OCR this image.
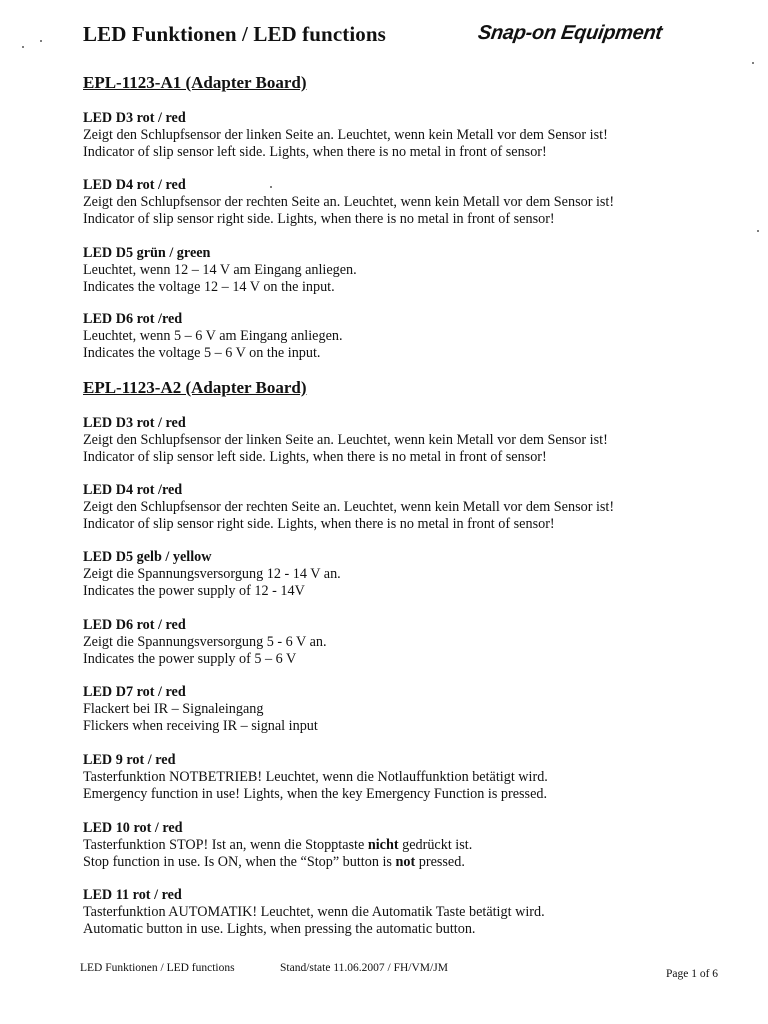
LED Funktionen / LED functions	Snap-on Equipment
EPL-1123-A1 (Adapter Board)
LED D3 rot / red
Zeigt den Schlupfsensor der linken Seite an. Leuchtet, wenn kein Metall vor dem Sensor ist!
Indicator of slip sensor left side. Lights, when there is no metal in front of sensor!
LED D4 rot / red
Zeigt den Schlupfsensor der rechten Seite an. Leuchtet, wenn kein Metall vor dem Sensor ist!
Indicator of slip sensor right side. Lights, when there is no metal in front of sensor!
LED D5 grün / green
Leuchtet, wenn 12 – 14 V am Eingang anliegen.
Indicates the voltage 12 – 14 V on the input.
LED D6 rot /red
Leuchtet, wenn 5 – 6 V am Eingang anliegen.
Indicates the voltage 5 – 6 V on the input.
EPL-1123-A2 (Adapter Board)
LED D3 rot / red
Zeigt den Schlupfsensor der linken Seite an. Leuchtet, wenn kein Metall vor dem Sensor ist!
Indicator of slip sensor left side. Lights, when there is no metal in front of sensor!
LED D4 rot /red
Zeigt den Schlupfsensor der rechten Seite an. Leuchtet, wenn kein Metall vor dem Sensor ist!
Indicator of slip sensor right side. Lights, when there is no metal in front of sensor!
LED D5 gelb / yellow
Zeigt die Spannungsversorgung 12 - 14 V an.
Indicates the power supply of 12 - 14V
LED D6 rot / red
Zeigt die Spannungsversorgung 5 - 6 V an.
Indicates the power supply of 5 – 6 V
LED D7 rot / red
Flackert bei IR – Signaleingang
Flickers when receiving IR – signal input
LED 9 rot / red
Tasterfunktion NOTBETRIEB! Leuchtet, wenn die Notlauffunktion betätigt wird.
Emergency function in use! Lights, when the key Emergency Function is pressed.
LED 10 rot / red
Tasterfunktion STOP! Ist an, wenn die Stopptaste nicht gedrückt ist.
Stop function in use. Is ON, when the “Stop” button is not pressed.
LED 11 rot / red
Tasterfunktion AUTOMATIK! Leuchtet, wenn die Automatik Taste betätigt wird.
Automatic button in use. Lights, when pressing the automatic button.
LED Funktionen / LED functions	Stand/state 11.06.2007 / FH/VM/JM	Page 1 of 6
